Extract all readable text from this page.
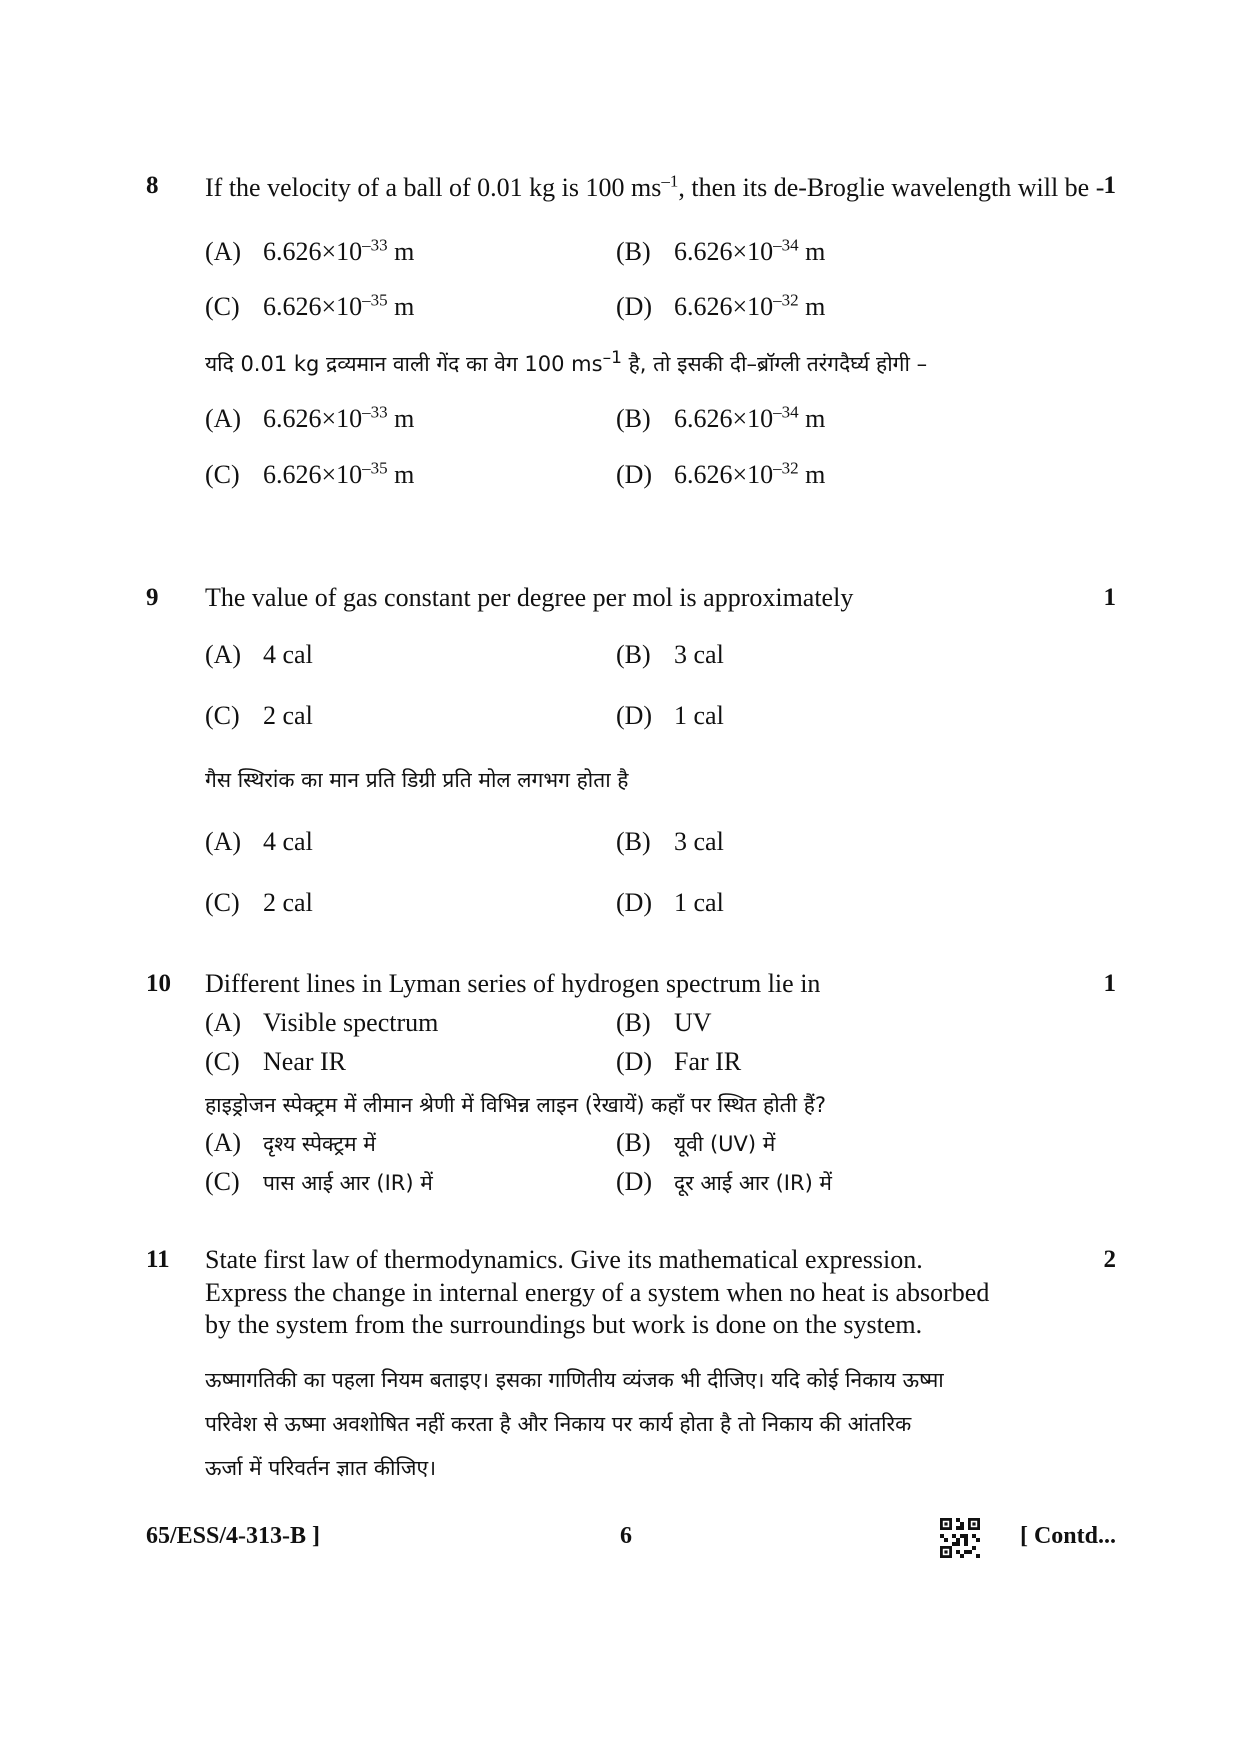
8	1
If the velocity of a ball of 0.01 kg is 100 $ms^{-1}$, then its de-Broglie wavelength will be -
(A) $6.626\times 10^{-33}$ m	(B) $6.626\times 10^{-34}$ m
(C) $6.626\times 10^{-35}$ m	(D) $6.626\times 10^{-32}$ m
यदि 0.01 kg द्रव्यमान वाली गेंद का वेग 100 $ms^{-1}$ है, तो इसकी दी–ब्रॉग्ली तरंगदैर्घ्य होगी –
(A) $6.626\times 10^{-33}$ m	(B) $6.626\times 10^{-34}$ m
(C) $6.626\times 10^{-35}$ m	(D) $6.626\times 10^{-32}$ m
9	1
The value of gas constant per degree per mol is approximately
(A) 4 cal	(B) 3 cal
(C) 2 cal	(D) 1 cal
गैस स्थिरांक का मान प्रति डिग्री प्रति मोल लगभग होता है
(A) 4 cal	(B) 3 cal
(C) 2 cal	(D) 1 cal
10	1
Different lines in Lyman series of hydrogen spectrum lie in
(A) Visible spectrum	(B) UV
(C) Near IR	(D) Far IR
हाइड्रोजन स्पेक्ट्रम में लीमान श्रेणी में विभिन्न लाइन (रेखायें) कहाँ पर स्थित होती हैं?
(A) दृश्य स्पेक्ट्रम में	(B) यूवी (UV) में
(C) पास आई आर (IR) में	(D) दूर आई आर (IR) में
11	2
State first law of thermodynamics. Give its mathematical expression.
Express the change in internal energy of a system when no heat is absorbed
by the system from the surroundings but work is done on the system.
ऊष्मागतिकी का पहला नियम बताइए। इसका गाणितीय व्यंजक भी दीजिए। यदि कोई निकाय ऊष्मा
परिवेश से ऊष्मा अवशोषित नहीं करता है और निकाय पर कार्य होता है तो निकाय की आंतरिक
ऊर्जा में परिवर्तन ज्ञात कीजिए।
65/ESS/4-313-B ]	6	[ Contd...
